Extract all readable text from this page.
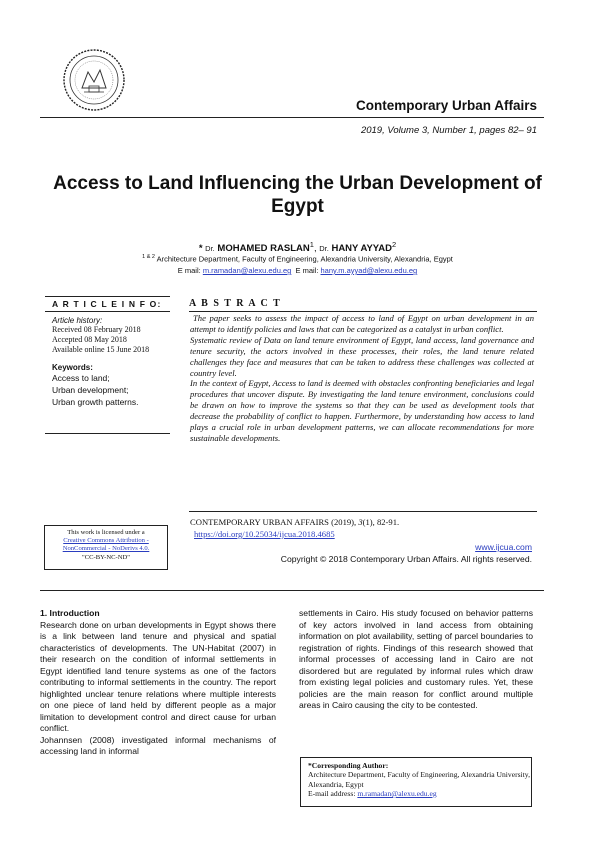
Contemporary Urban Affairs
2019, Volume 3, Number 1, pages 82– 91
Access to Land Influencing the Urban Development of Egypt
* Dr. MOHAMED RASLAN$^1$, Dr. HANY AYYAD$^2$
$^{1 \& 2}$ Architecture Department, Faculty of Engineering, Alexandria University, Alexandria, Egypt
E mail: m.ramadan@alexu.edu.eg E mail: hany.m.ayyad@alexu.edu.eg
A R T I C L E I N F O:
Article history:
Received 08 February 2018
Accepted 08 May 2018
Available online 15 June 2018
Keywords:
Access to land;
Urban development;
Urban growth patterns.
A B S T R A C T

The paper seeks to assess the impact of access to land of Egypt on urban development in an attempt to identify policies and laws that can be categorized as a catalyst in urban conflict.

Systematic review of Data on land tenure environment of Egypt, land access, land governance and tenure security, the actors involved in these processes, their roles, the land tenure related challenges they face and measures that can be taken to address these challenges was collected at country level.

In the context of Egypt, Access to land is deemed with obstacles confronting beneficiaries and legal procedures that uncover dispute. By investigating the land tenure environment, conclusions could be drawn on how to improve the systems so that they can be used as development tools that decrease the probability of conflict to happen. Furthermore, by understanding how access to land plays a crucial role in urban development patterns, we can allocate recommendations for more sustainable developments.

This work is licensed under a
Creative Commons Attribution -
NonCommercial - NoDerivs 4.0.
"CC-BY-NC-ND"
CONTEMPORARY URBAN AFFAIRS (2019), 3(1), 82-91.
https://doi.org/10.25034/ijcua.2018.4685
www.ijcua.com
Copyright © 2018 Contemporary Urban Affairs. All rights reserved.
1. Introduction

Research done on urban developments in Egypt shows there is a link between land tenure and physical and spatial characteristics of developments. The UN-Habitat (2007) in their research on the condition of informal settlements in Egypt identified land tenure systems as one of the factors contributing to informal settlements in the country. The report highlighted unclear tenure relations where multiple interests on one piece of land held by different people as a major limitation to development control and direct cause for urban conflict.

Johannsen (2008) investigated informal mechanisms of accessing land in informal

settlements in Cairo. His study focused on behavior patterns of key actors involved in land access from obtaining information on plot availability, setting of parcel boundaries to registration of rights. Findings of this research showed that informal processes of accessing land in Cairo are not disordered but are regulated by informal rules which draw from existing legal policies and customary rules. Yet, these policies are the main reason for conflict around multiple areas in Cairo causing the city to be contested.

*Corresponding Author:
Architecture Department, Faculty of Engineering, Alexandria University, Alexandria, Egypt
E-mail address: m.ramadan@alexu.edu.eg
